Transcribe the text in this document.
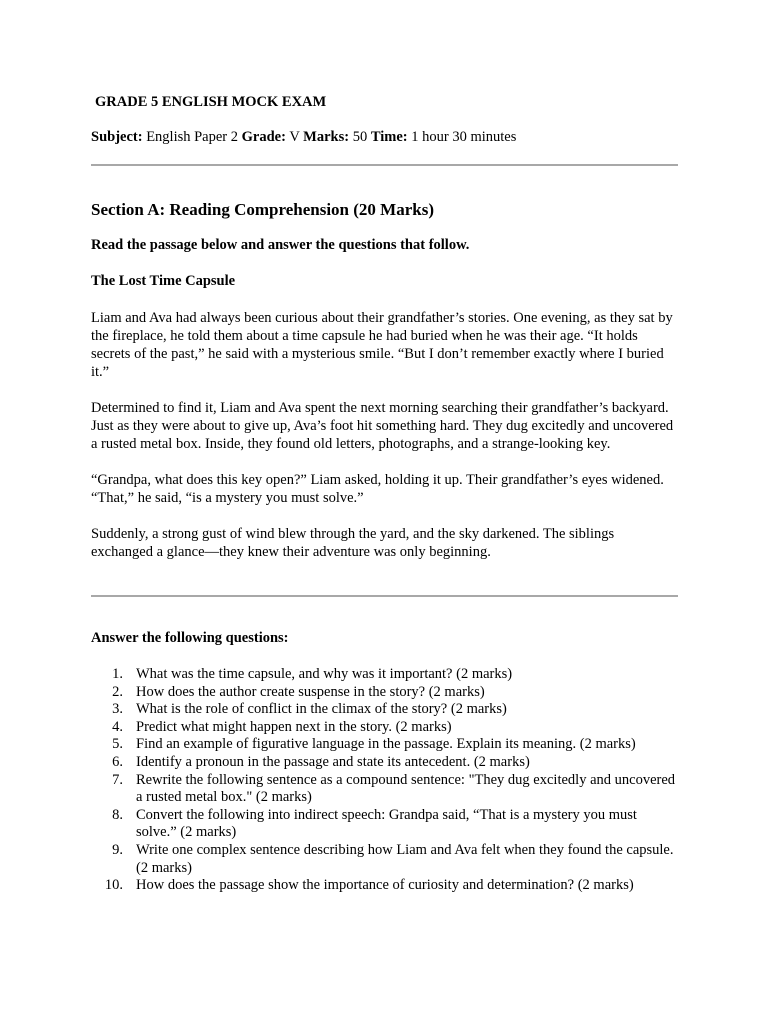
GRADE 5 ENGLISH MOCK EXAM

Subject: English Paper 2 Grade: V Marks: 50 Time: 1 hour 30 minutes

Section A: Reading Comprehension (20 Marks)

Read the passage below and answer the questions that follow.

The Lost Time Capsule

Liam and Ava had always been curious about their grandfather’s stories. One evening, as they sat by the fireplace, he told them about a time capsule he had buried when he was their age. “It holds secrets of the past,” he said with a mysterious smile. “But I don’t remember exactly where I buried it.”

Determined to find it, Liam and Ava spent the next morning searching their grandfather’s backyard. Just as they were about to give up, Ava’s foot hit something hard. They dug excitedly and uncovered a rusted metal box. Inside, they found old letters, photographs, and a strange-looking key.

“Grandpa, what does this key open?” Liam asked, holding it up. Their grandfather’s eyes widened. “That,” he said, “is a mystery you must solve.”

Suddenly, a strong gust of wind blew through the yard, and the sky darkened. The siblings exchanged a glance—they knew their adventure was only beginning.

Answer the following questions:

1. What was the time capsule, and why was it important? (2 marks)
2. How does the author create suspense in the story? (2 marks)
3. What is the role of conflict in the climax of the story? (2 marks)
4. Predict what might happen next in the story. (2 marks)
5. Find an example of figurative language in the passage. Explain its meaning. (2 marks)
6. Identify a pronoun in the passage and state its antecedent. (2 marks)
7. Rewrite the following sentence as a compound sentence: "They dug excitedly and uncovered a rusted metal box." (2 marks)
8. Convert the following into indirect speech: Grandpa said, “That is a mystery you must solve.” (2 marks)
9. Write one complex sentence describing how Liam and Ava felt when they found the capsule. (2 marks)
10. How does the passage show the importance of curiosity and determination? (2 marks)
